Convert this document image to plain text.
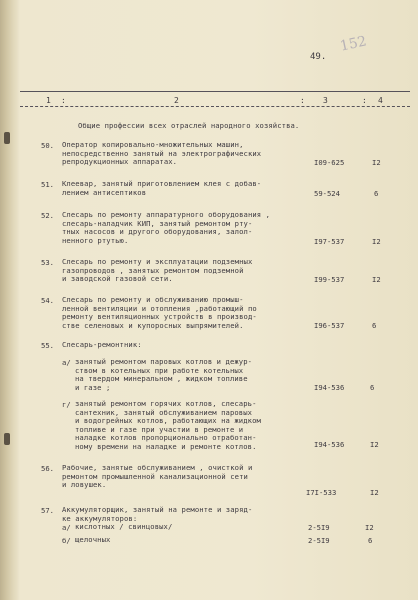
49.
152
1 :	2	: 3	: 4
Общие профессии всех отраслей народного хозяйства.
50. Оператор копировально-множительных машин,
непосредственно занятый на электрографических
репродукционных аппаратах.	I09-625	I2
51. Клеевар, занятый приготовлением клея с добав-
лением антисептиков	59-524	6
52. Слесарь по ремонту аппаратурного оборудования ,
слесарь-наладчик КИП, занятый ремонтом рту-
тных насосов и другого оборудования, залол-
ненного ртутью.	I97-537	I2
53. Слесарь по ремонту и эксплуатации подземных
газопроводов , занятых ремонтом подземной
и заводской газовой сети.	I99-537	I2
54. Слесарь по ремонту и обслуживанию промыш-
ленной вентиляции и отопления ,работающий по
ремонту вентиляционных устройств в производ-
стве селеновых и купоросных выпрямителей.	I96-537	6
55. Слесарь-ремонтник:
a/ занятый ремонтом паровых котлов и дежур-
ством в котельных при работе котельных
на твердом минеральном , жидком топливе
и газе ;	I94-536	6
г/ занятый ремонтом горячих котлов, слесарь-
сантехник, занятый обслуживанием паровых
и водогрейных котлов, работающих на жидком
топливе и газе при участии в ремонте и
наладке котлов пропорционально отработан-
ному времени на наладке и ремонте котлов.	I94-536	I2
56. Рабочие, занятые обслуживанием , очисткой и
ремонтом промышленной канализационной сети
и ловушек.
I7I-533	I2
57. Аккумуляторщик, занятый на ремонте и заряд-
ке аккумуляторов:
a/ кислотных / свинцовых/	2-5I9	I2
б/ щелочных	2-5I9	6
